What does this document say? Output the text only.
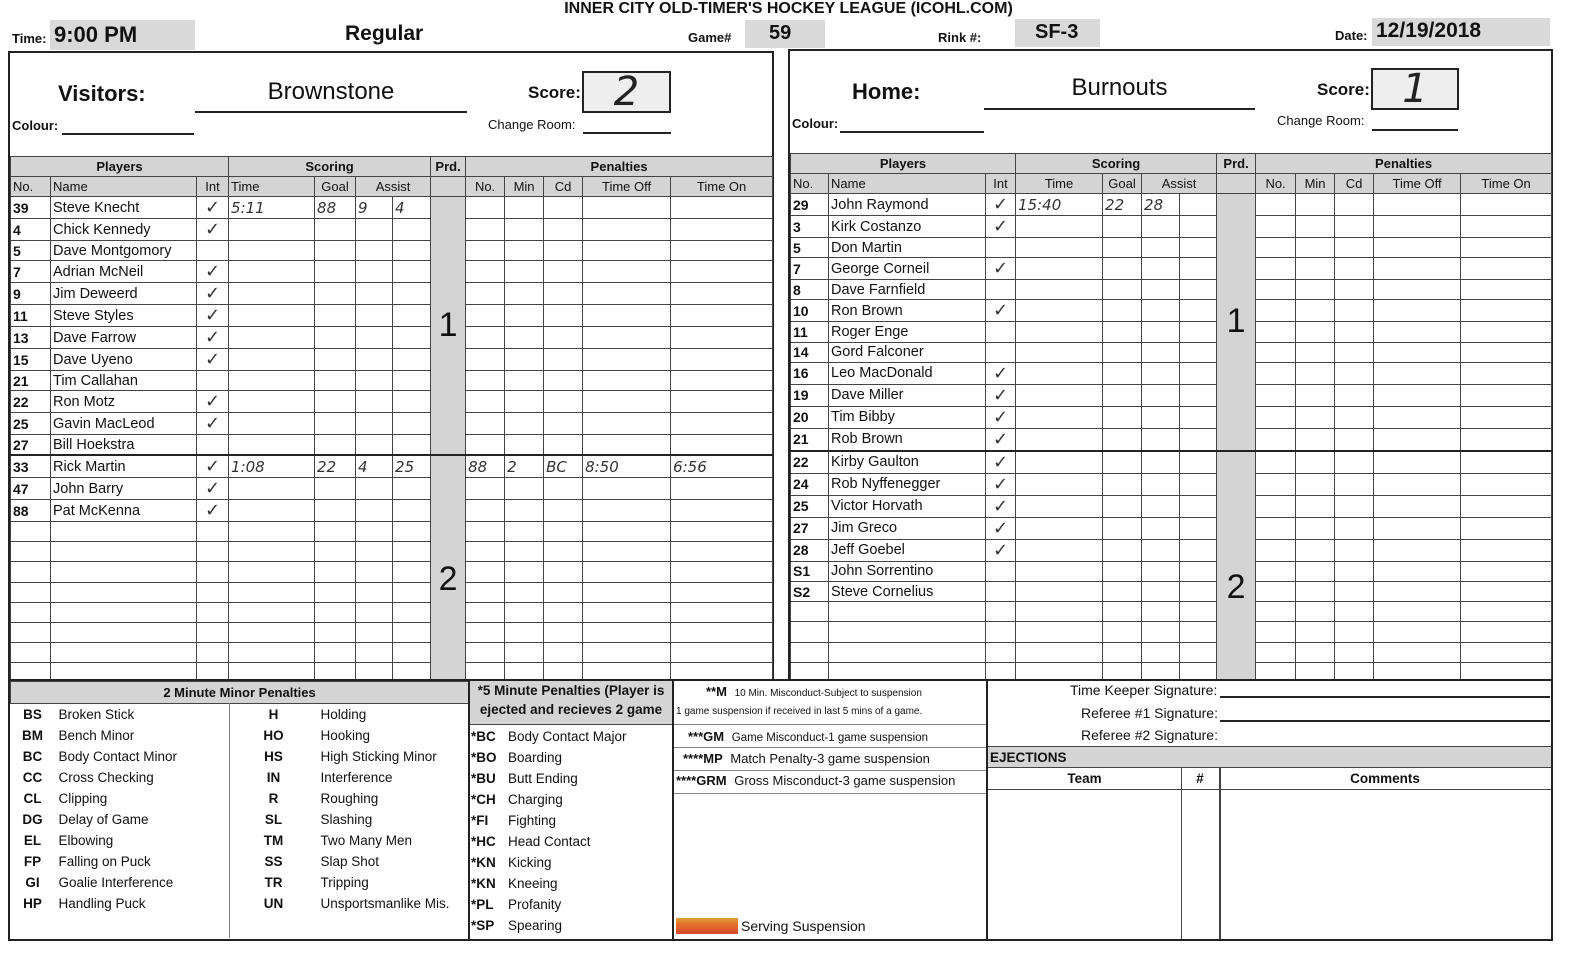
INNER CITY OLD-TIMER'S HOCKEY LEAGUE (ICOHL.COM)
Time: 9:00 PM	Regular	Game# 59	Rink #:	SF-3	Date: 12/19/2018
Visitors:	Brownstone
Colour:
Score: 2
Change Room:
Players			Scoring				Prd.	Penalties				
No.	Name	Int	Time	Goal	Assist			No.	Min	Cd	Time Off	Time On
39	Steve Knecht	✓	5:11	88	9	4	1					
4	Chick Kennedy	✓										
5	Dave Montgomory											
7	Adrian McNeil	✓										
9	Jim Deweerd	✓										
11	Steve Styles	✓										
13	Dave Farrow	✓										
15	Dave Uyeno	✓										
21	Tim Callahan											
22	Ron Motz	✓										
25	Gavin MacLeod	✓										
27	Bill Hoekstra											
33	Rick Martin	✓	1:08	22	4	25	2	88	2	BC	8:50	6:56
47	John Barry	✓										
88	Pat McKenna	✓										

Home:	Burnouts
Colour:
Score: 1
Change Room:
Players			Scoring				Prd.	Penalties				
No.	Name	Int	Time	Goal	Assist			No.	Min	Cd	Time Off	Time On
29	John Raymond	✓	15:40	22	28		1					
3	Kirk Costanzo	✓										
5	Don Martin											
7	George Corneil	✓										
8	Dave Farnfield											
10	Ron Brown	✓										
11	Roger Enge											
14	Gord Falconer											
16	Leo MacDonald	✓										
19	Dave Miller	✓										
20	Tim Bibby	✓										
21	Rob Brown	✓										
22	Kirby Gaulton	✓					2					
24	Rob Nyffenegger	✓										
25	Victor Horvath	✓										
27	Jim Greco	✓										
28	Jeff Goebel	✓										
S1	John Sorrentino											
S2	Steve Cornelius											

2 Minute Minor Penalties			
BS	Broken Stick	H	Holding
BM	Bench Minor	HO	Hooking
BC	Body Contact Minor	HS	High Sticking Minor
CC	Cross Checking	IN	Interference
CL	Clipping	R	Roughing
DG	Delay of Game	SL	Slashing
EL	Elbowing	TM	Two Many Men
FP	Falling on Puck	SS	Slap Shot
GI	Goalie Interference	TR	Tripping
HP	Handling Puck	UN	Unsportsmanlike Mis.
*5 Minute Penalties (Player is
ejected and recieves 2 game
*BC	Body Contact Major
*BO	Boarding
*BU	Butt Ending
*CH	Charging
*FI	Fighting
*HC	Head Contact
*KN	Kicking
*KN	Kneeing
*PL	Profanity
*SP	Spearing
**M 10 Min. Misconduct-Subject to suspension
1 game suspension if received in last 5 mins of a game.
***GM Game Misconduct-1 game suspension
****MP Match Penalty-3 game suspension
****GRM Gross Misconduct-3 game suspension
Serving Suspension
Time Keeper Signature:
Referee #1 Signature:
Referee #2 Signature:
EJECTIONS
Team	#	Comments
